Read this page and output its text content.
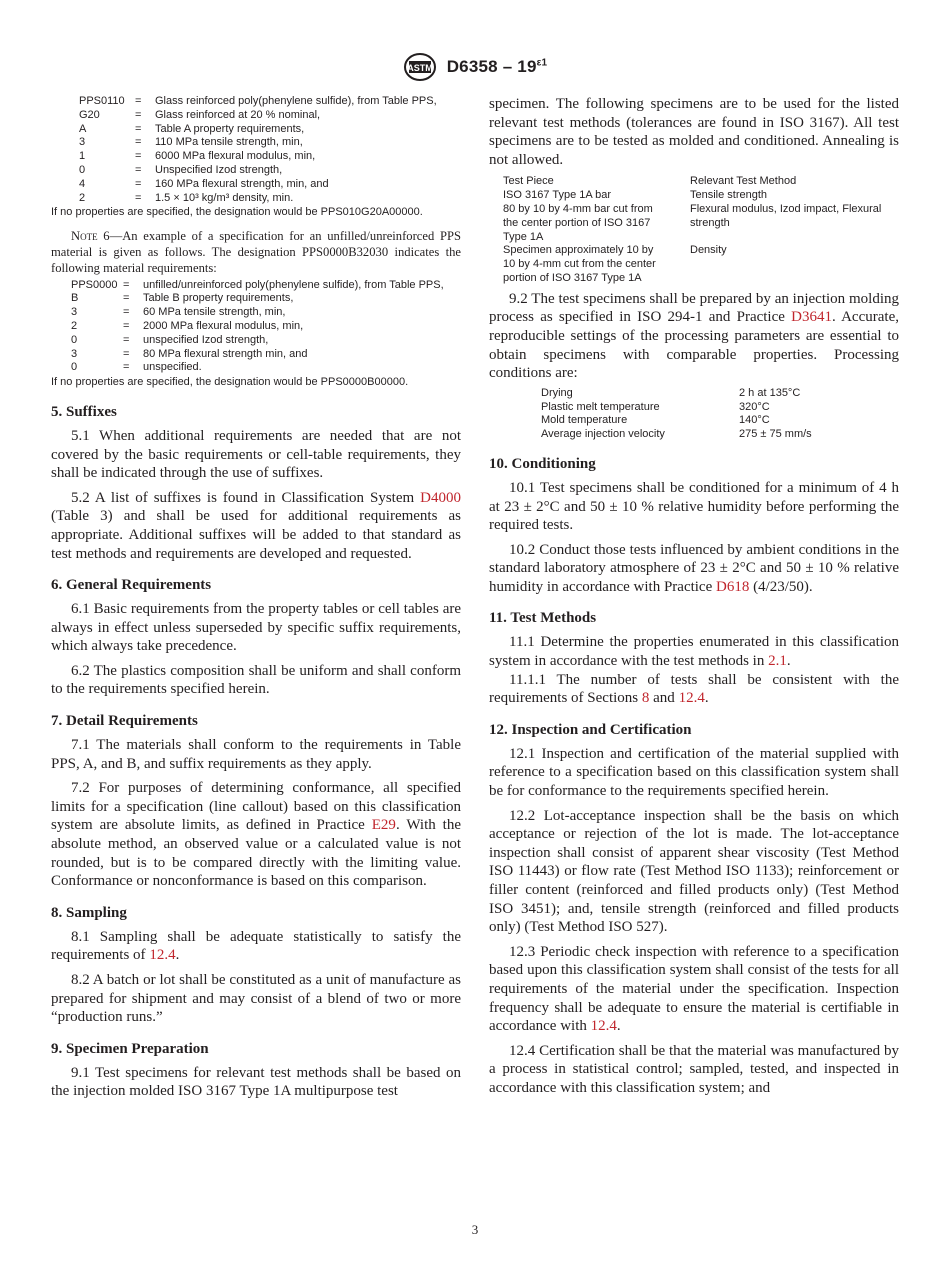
ASTM $D6358 - 19^{\varepsilon 1}$
PPS0110	=	Glass reinforced poly(phenylene sulfide), from Table PPS,
G20	=	Glass reinforced at 20 % nominal,
A	=	Table A property requirements,
3	=	110 MPa tensile strength, min,
1	=	6000 MPa flexural modulus, min,
0	=	Unspecified Izod strength,
4	=	160 MPa flexural strength, min, and
2	=	1.5 × 10³ kg/m³ density, min.
If no properties are specified, the designation would be PPS010G20A00000.

Note 6—An example of a specification for an unfilled/unreinforced PPS material is given as follows. The designation PPS0000B32030 indicates the following material requirements:

PPS0000	=	unfilled/unreinforced poly(phenylene sulfide), from Table PPS,
B	=	Table B property requirements,
3	=	60 MPa tensile strength, min,
2	=	2000 MPa flexural modulus, min,
0	=	unspecified Izod strength,
3	=	80 MPa flexural strength min, and
0	=	unspecified.
If no properties are specified, the designation would be PPS0000B00000.
5. Suffixes

5.1 When additional requirements are needed that are not covered by the basic requirements or cell-table requirements, they shall be indicated through the use of suffixes.

5.2 A list of suffixes is found in Classification System D4000 (Table 3) and shall be used for additional requirements as appropriate. Additional suffixes will be added to that standard as test methods and requirements are developed and requested.

6. General Requirements

6.1 Basic requirements from the property tables or cell tables are always in effect unless superseded by specific suffix requirements, which always take precedence.

6.2 The plastics composition shall be uniform and shall conform to the requirements specified herein.

7. Detail Requirements

7.1 The materials shall conform to the requirements in Table PPS, A, and B, and suffix requirements as they apply.

7.2 For purposes of determining conformance, all specified limits for a specification (line callout) based on this classification system are absolute limits, as defined in Practice E29. With the absolute method, an observed value or a calculated value is not rounded, but is to be compared directly with the limiting value. Conformance or nonconformance is based on this comparison.

8. Sampling

8.1 Sampling shall be adequate statistically to satisfy the requirements of 12.4.

8.2 A batch or lot shall be constituted as a unit of manufacture as prepared for shipment and may consist of a blend of two or more “production runs.”

9. Specimen Preparation

9.1 Test specimens for relevant test methods shall be based on the injection molded ISO 3167 Type 1A multipurpose test

specimen. The following specimens are to be used for the listed relevant test methods (tolerances are found in ISO 3167). All test specimens are to be tested as molded and conditioned. Annealing is not allowed.

Test Piece	Relevant Test Method
ISO 3167 Type 1A bar	Tensile strength
80 by 10 by 4-mm bar cut from the center portion of ISO 3167 Type 1A	Flexural modulus, Izod impact, Flexural strength
Specimen approximately 10 by 10 by 4-mm cut from the center portion of ISO 3167 Type 1A	Density

9.2 The test specimens shall be prepared by an injection molding process as specified in ISO 294-1 and Practice D3641. Accurate, reproducible settings of the processing parameters are essential to obtain specimens with comparable properties. Processing conditions are:

Drying	2 h at 135°C
Plastic melt temperature	320°C
Mold temperature	140°C
Average injection velocity	275 ± 75 mm/s
10. Conditioning

10.1 Test specimens shall be conditioned for a minimum of 4 h at 23 ± 2°C and 50 ± 10 % relative humidity before performing the required tests.

10.2 Conduct those tests influenced by ambient conditions in the standard laboratory atmosphere of 23 ± 2°C and 50 ± 10 % relative humidity in accordance with Practice D618 (4/23/50).

11. Test Methods

11.1 Determine the properties enumerated in this classification system in accordance with the test methods in 2.1.

11.1.1 The number of tests shall be consistent with the requirements of Sections 8 and 12.4.

12. Inspection and Certification

12.1 Inspection and certification of the material supplied with reference to a specification based on this classification system shall be for conformance to the requirements specified herein.

12.2 Lot-acceptance inspection shall be the basis on which acceptance or rejection of the lot is made. The lot-acceptance inspection shall consist of apparent shear viscosity (Test Method ISO 11443) or flow rate (Test Method ISO 1133); reinforcement or filler content (reinforced and filled products only) (Test Method ISO 3451); and, tensile strength (reinforced and filled products only) (Test Method ISO 527).

12.3 Periodic check inspection with reference to a specification based upon this classification system shall consist of the tests for all requirements of the material under the specification. Inspection frequency shall be adequate to ensure the material is certifiable in accordance with 12.4.

12.4 Certification shall be that the material was manufactured by a process in statistical control; sampled, tested, and inspected in accordance with this classification system; and

3
